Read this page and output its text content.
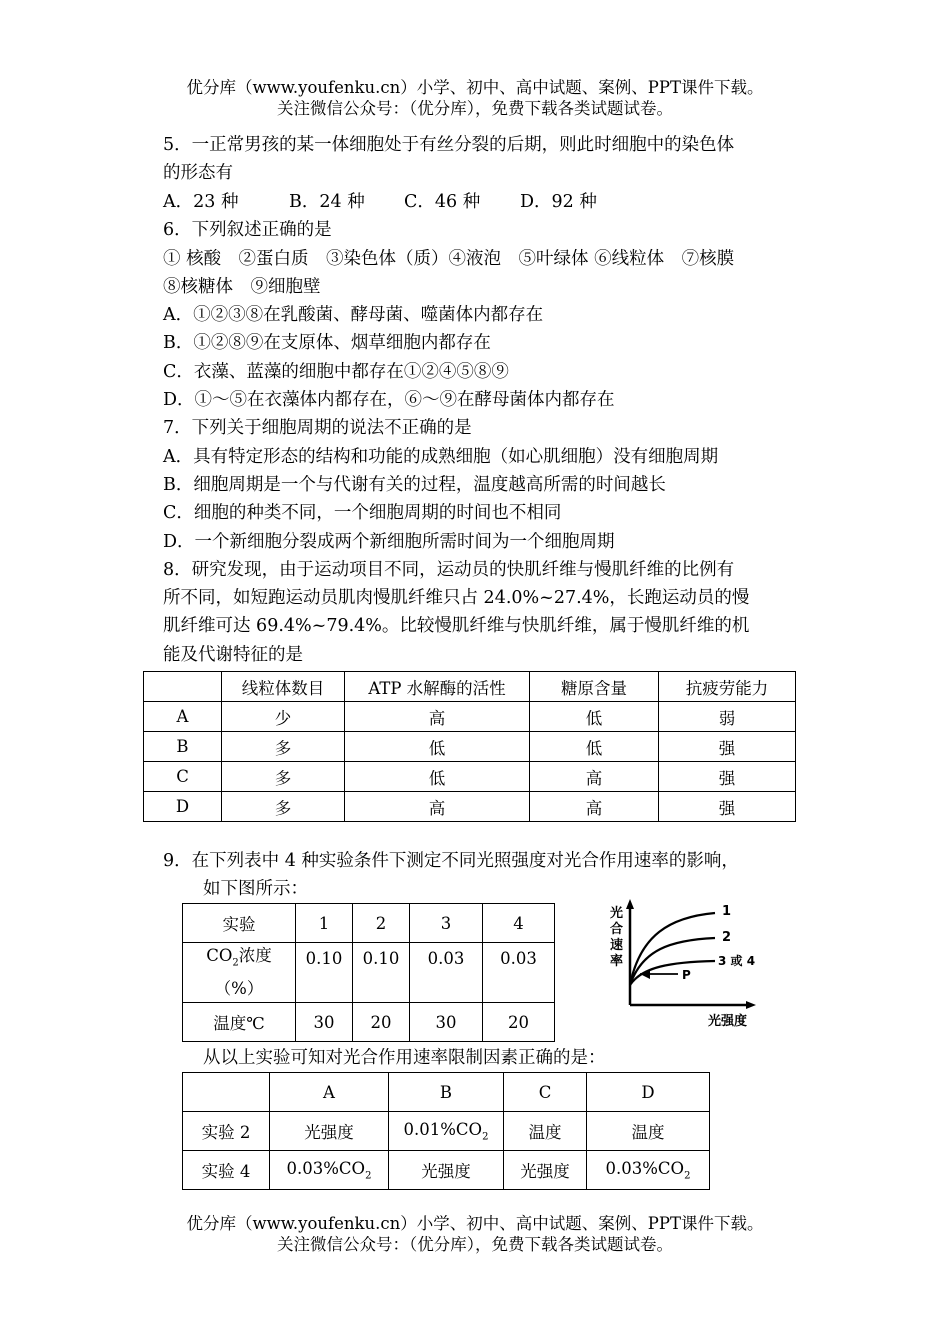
优分库（www.youfenku.cn）小学、初中、高中试题、案例、PPT课件下载。
关注微信公众号：（优分库），免费下载各类试题试卷。
5．一正常男孩的某一体细胞处于有丝分裂的后期，则此时细胞中的染色体
的形态有
A．23 种	B．24 种 C．46 种 D．92 种
6．下列叙述正确的是
① 核酸　②蛋白质　③染色体（质）④液泡　⑤叶绿体 ⑥线粒体　⑦核膜
⑧核糖体　⑨细胞壁
A．①②③⑧在乳酸菌、酵母菌、噬菌体内都存在
B．①②⑧⑨在支原体、烟草细胞内都存在
C．衣藻、蓝藻的细胞中都存在①②④⑤⑧⑨
D．①～⑤在衣藻体内都存在，⑥～⑨在酵母菌体内都存在
7．下列关于细胞周期的说法不正确的是
A．具有特定形态的结构和功能的成熟细胞（如心肌细胞）没有细胞周期
B．细胞周期是一个与代谢有关的过程，温度越高所需的时间越长
C．细胞的种类不同，一个细胞周期的时间也不相同
D．一个新细胞分裂成两个新细胞所需时间为一个细胞周期
8．研究发现，由于运动项目不同，运动员的快肌纤维与慢肌纤维的比例有
所不同，如短跑运动员肌肉慢肌纤维只占 24.0%~27.4%，长跑运动员的慢
肌纤维可达 69.4%~79.4%。比较慢肌纤维与快肌纤维，属于慢肌纤维的机
能及代谢特征的是
	线粒体数目	ATP 水解酶的活性	糖原含量	抗疲劳能力
A	少	高	低	弱
B	多	低	低	强
C	多	低	高	强
D	多	高	高	强
9．在下列表中 4 种实验条件下测定不同光照强度对光合作用速率的影响，
如下图所示：
实验	1	2	3	4
$CO_2$浓度
（%）	0.10	0.10	0.03	0.03
温度℃	30	20	30	20
光
合
速
率
1
2
3 或 4
P
光强度
从以上实验可知对光合作用速率限制因素正确的是：
	A	B	C	D
实验 2	光强度	$0.01\%CO_2$	温度	温度
实验 4	$0.03\%CO_2$	光强度	光强度	$0.03\%CO_2$
优分库（www.youfenku.cn）小学、初中、高中试题、案例、PPT课件下载。
关注微信公众号：（优分库），免费下载各类试题试卷。
